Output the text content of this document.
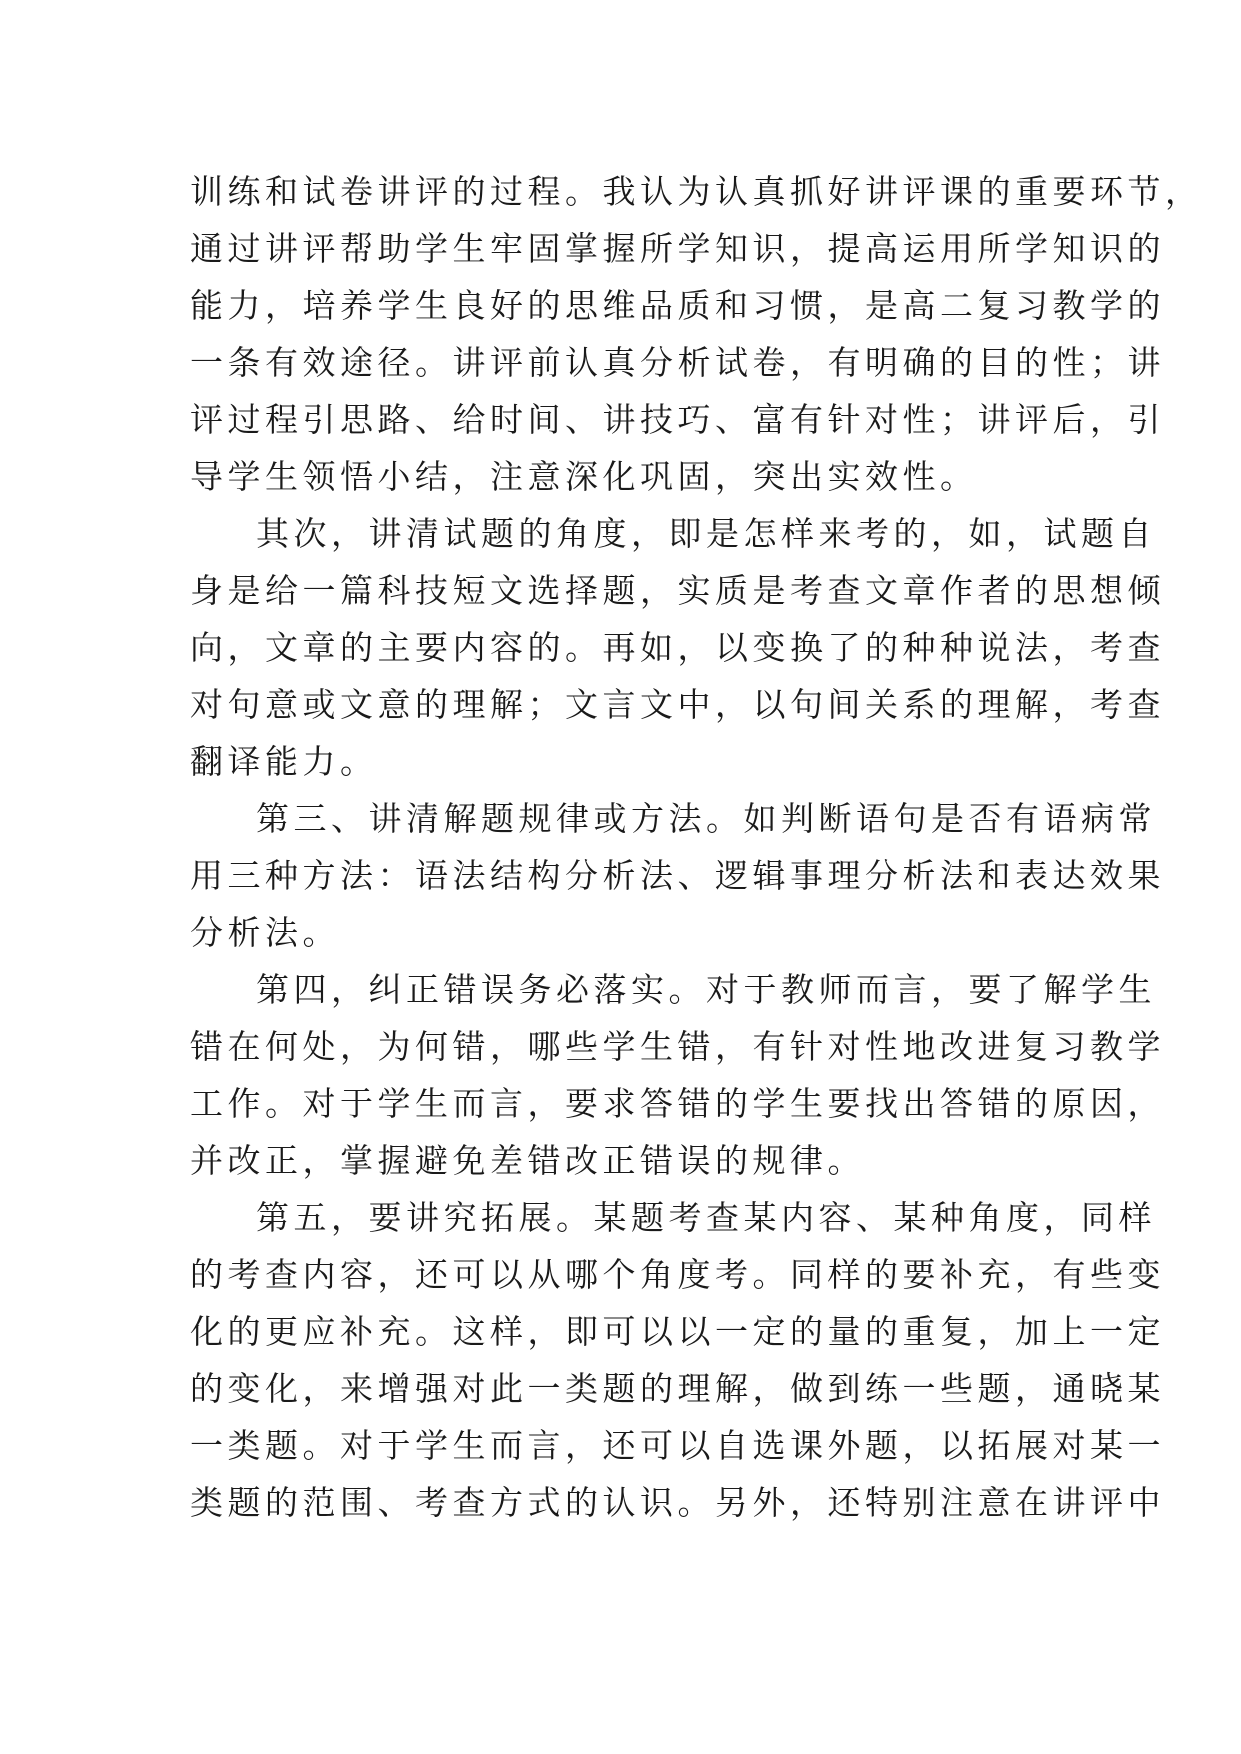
训练和试卷讲评的过程。我认为认真抓好讲评课的重要环节，
通过讲评帮助学生牢固掌握所学知识，提高运用所学知识的
能力，培养学生良好的思维品质和习惯，是高二复习教学的
一条有效途径。讲评前认真分析试卷，有明确的目的性；讲
评过程引思路、给时间、讲技巧、富有针对性；讲评后，引
导学生领悟小结，注意深化巩固，突出实效性。
其次，讲清试题的角度，即是怎样来考的，如，试题自
身是给一篇科技短文选择题，实质是考查文章作者的思想倾
向，文章的主要内容的。再如，以变换了的种种说法，考查
对句意或文意的理解；文言文中，以句间关系的理解，考查
翻译能力。
第三、讲清解题规律或方法。如判断语句是否有语病常
用三种方法：语法结构分析法、逻辑事理分析法和表达效果
分析法。
第四，纠正错误务必落实。对于教师而言，要了解学生
错在何处，为何错，哪些学生错，有针对性地改进复习教学
工作。对于学生而言，要求答错的学生要找出答错的原因，
并改正，掌握避免差错改正错误的规律。
第五，要讲究拓展。某题考查某内容、某种角度，同样
的考查内容，还可以从哪个角度考。同样的要补充，有些变
化的更应补充。这样，即可以以一定的量的重复，加上一定
的变化，来增强对此一类题的理解，做到练一些题，通晓某
一类题。对于学生而言，还可以自选课外题，以拓展对某一
类题的范围、考查方式的认识。另外，还特别注意在讲评中
